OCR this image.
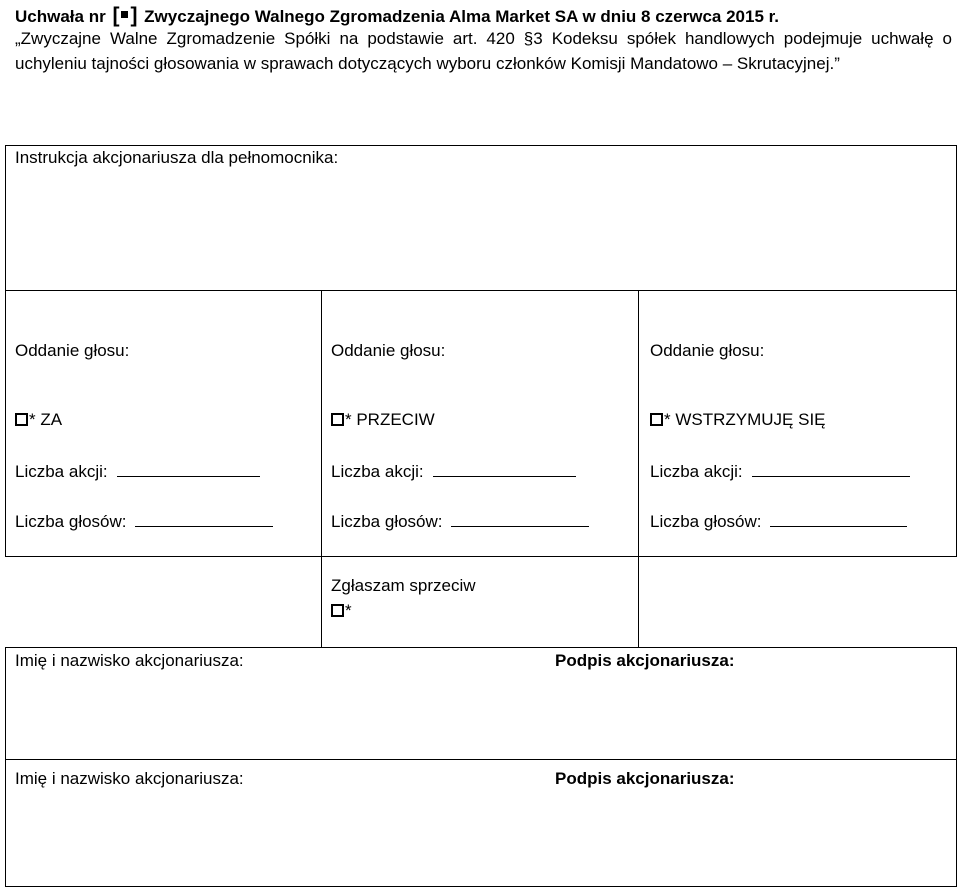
Uchwała nr [ ] Zwyczajnego Walnego Zgromadzenia Alma Market SA w dniu 8 czerwca 2015 r.
„Zwyczajne Walne Zgromadzenie Spółki na podstawie art. 420 §3 Kodeksu spółek handlowych podejmuje uchwałę o uchyleniu tajności głosowania w sprawach dotyczących wyboru członków Komisji Mandatowo – Skrutacyjnej.”
Instrukcja akcjonariusza dla pełnomocnika:
Oddanie głosu:
* ZA
Liczba akcji:
Liczba głosów:
Oddanie głosu:
* PRZECIW
Liczba akcji:
Liczba głosów:
Oddanie głosu:
* WSTRZYMUJĘ SIĘ
Liczba akcji:
Liczba głosów:
Zgłaszam sprzeciw
*
Imię i nazwisko akcjonariusza:	Podpis akcjonariusza:
Imię i nazwisko akcjonariusza:	Podpis akcjonariusza:
